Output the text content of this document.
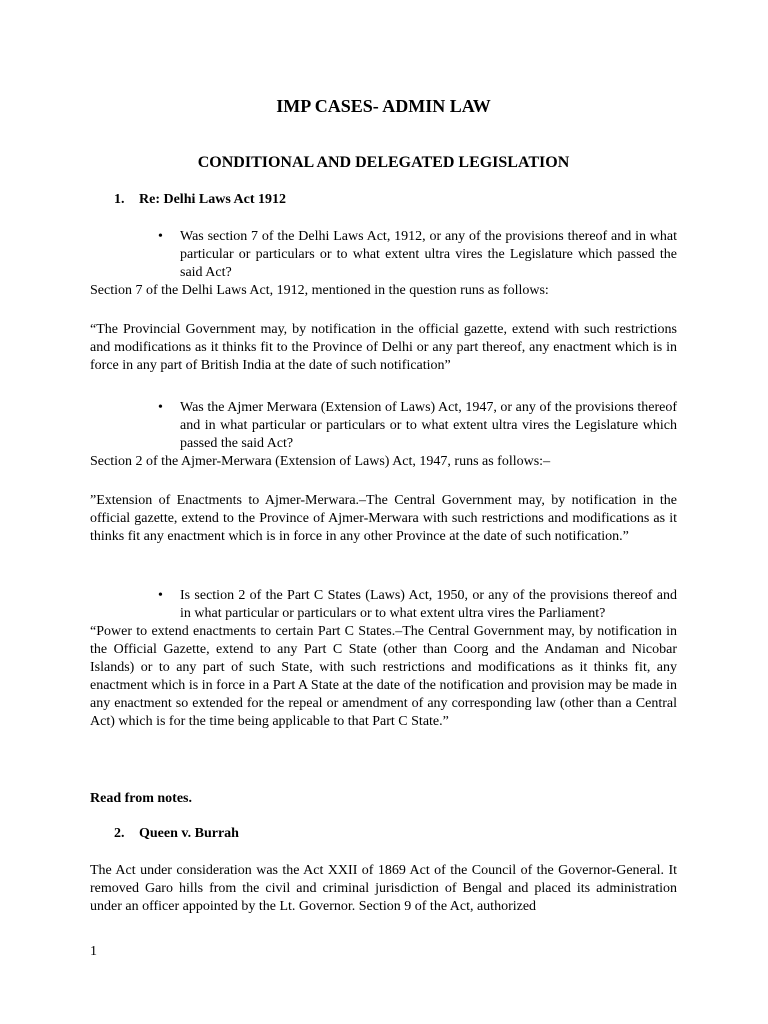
IMP CASES- ADMIN LAW
CONDITIONAL AND DELEGATED LEGISLATION
1. Re: Delhi Laws Act 1912
• Was section 7 of the Delhi Laws Act, 1912, or any of the provisions thereof and in what particular or particulars or to what extent ultra vires the Legislature which passed the said Act?
Section 7 of the Delhi Laws Act, 1912, mentioned in the question runs as follows:
“The Provincial Government may, by notification in the official gazette, extend with such restrictions and modifications as it thinks fit to the Province of Delhi or any part thereof, any enactment which is in force in any part of British India at the date of such notification”
• Was the Ajmer Merwara (Extension of Laws) Act, 1947, or any of the provisions thereof and in what particular or particulars or to what extent ultra vires the Legislature which passed the said Act?
Section 2 of the Ajmer-Merwara (Extension of Laws) Act, 1947, runs as follows:–
”Extension of Enactments to Ajmer-Merwara.–The Central Government may, by notification in the official gazette, extend to the Province of Ajmer-Merwara with such restrictions and modifications as it thinks fit any enactment which is in force in any other Province at the date of such notification.”
• Is section 2 of the Part C States (Laws) Act, 1950, or any of the provisions thereof and in what particular or particulars or to what extent ultra vires the Parliament?
“Power to extend enactments to certain Part C States.–The Central Government may, by notification in the Official Gazette, extend to any Part C State (other than Coorg and the Andaman and Nicobar Islands) or to any part of such State, with such restrictions and modifications as it thinks fit, any enactment which is in force in a Part A State at the date of the notification and provision may be made in any enactment so extended for the repeal or amendment of any corresponding law (other than a Central Act) which is for the time being applicable to that Part C State.”
Read from notes.
2. Queen v. Burrah
The Act under consideration was the Act XXII of 1869 Act of the Council of the Governor-General. It removed Garo hills from the civil and criminal jurisdiction of Bengal and placed its administration under an officer appointed by the Lt. Governor. Section 9 of the Act, authorized
1
